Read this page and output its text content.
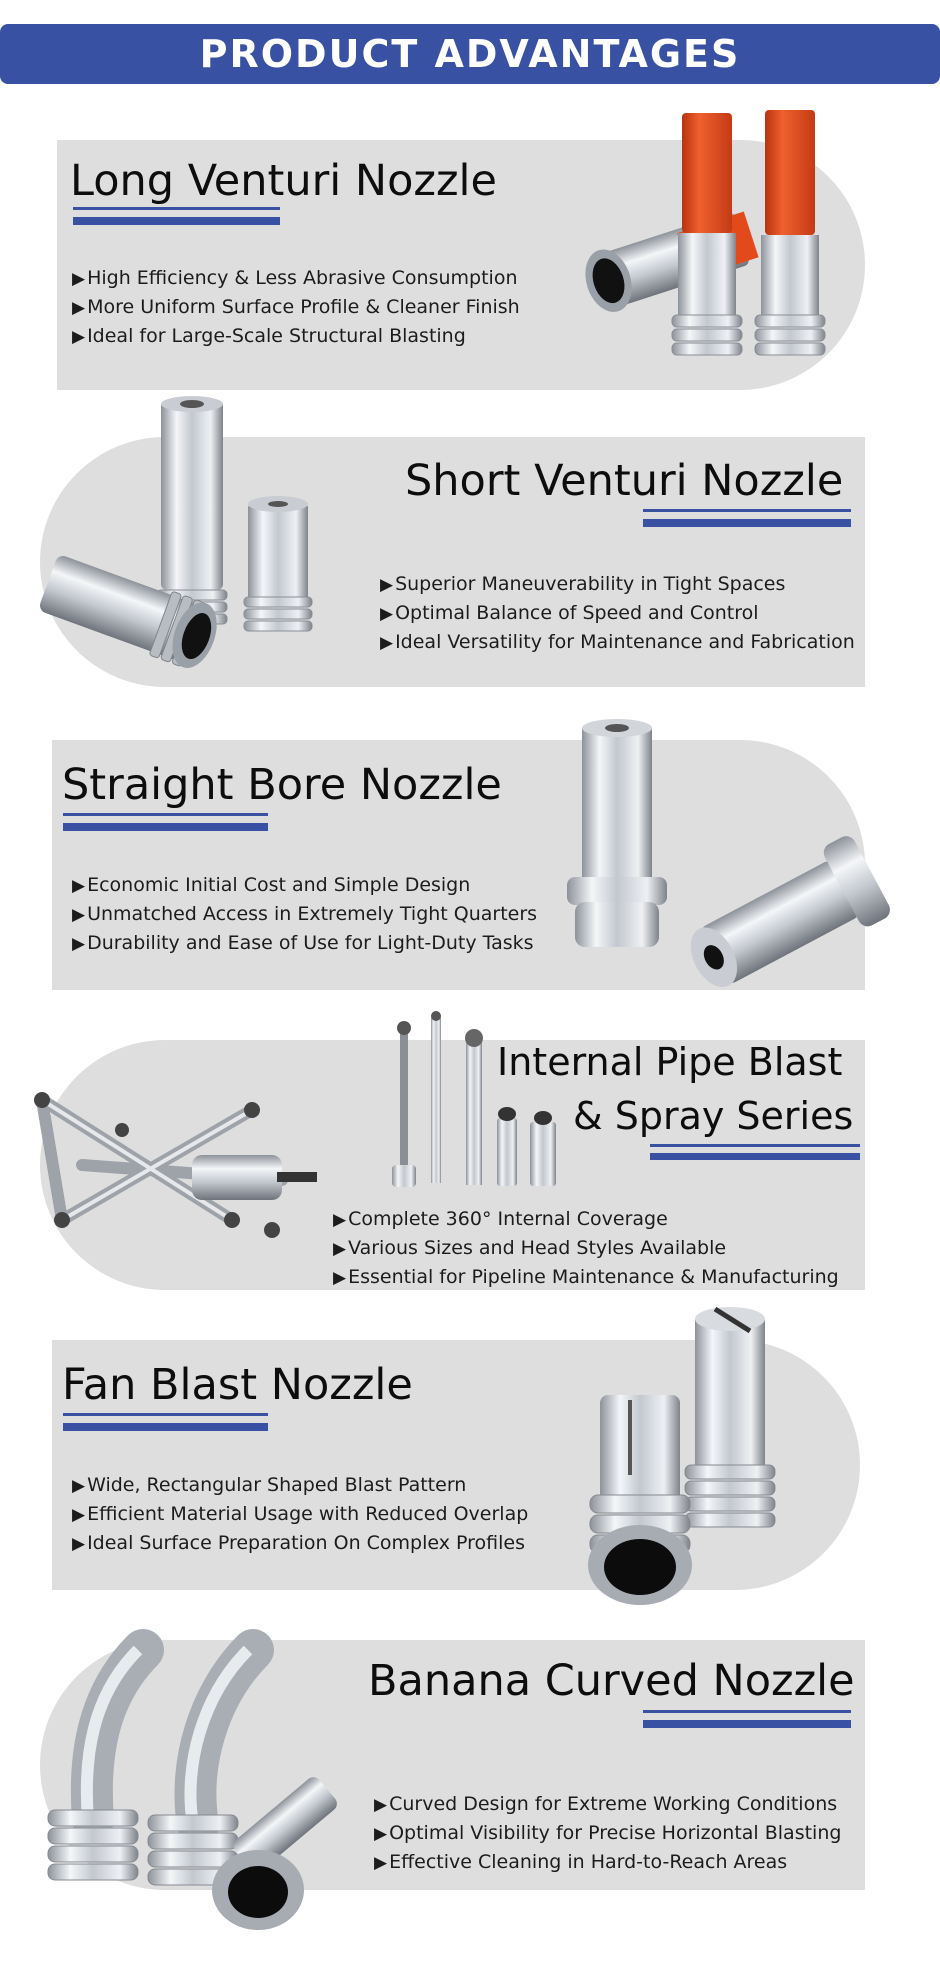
PRODUCT ADVANTAGES
Long Venturi Nozzle
▶ High Efficiency & Less Abrasive Consumption
▶ More Uniform Surface Profile & Cleaner Finish
▶ Ideal for Large-Scale Structural Blasting
Short Venturi Nozzle
▶ Superior Maneuverability in Tight Spaces
▶ Optimal Balance of Speed and Control
▶ Ideal Versatility for Maintenance and Fabrication
Straight Bore Nozzle
▶ Economic Initial Cost and Simple Design
▶ Unmatched Access in Extremely Tight Quarters
▶ Durability and Ease of Use for Light-Duty Tasks
Internal Pipe Blast
& Spray Series
▶ Complete 360° Internal Coverage
▶ Various Sizes and Head Styles Available
▶ Essential for Pipeline Maintenance & Manufacturing
Fan Blast Nozzle
▶ Wide, Rectangular Shaped Blast Pattern
▶ Efficient Material Usage with Reduced Overlap
▶ Ideal Surface Preparation On Complex Profiles
Banana Curved Nozzle
▶ Curved Design for Extreme Working Conditions
▶ Optimal Visibility for Precise Horizontal Blasting
▶ Effective Cleaning in Hard-to-Reach Areas
